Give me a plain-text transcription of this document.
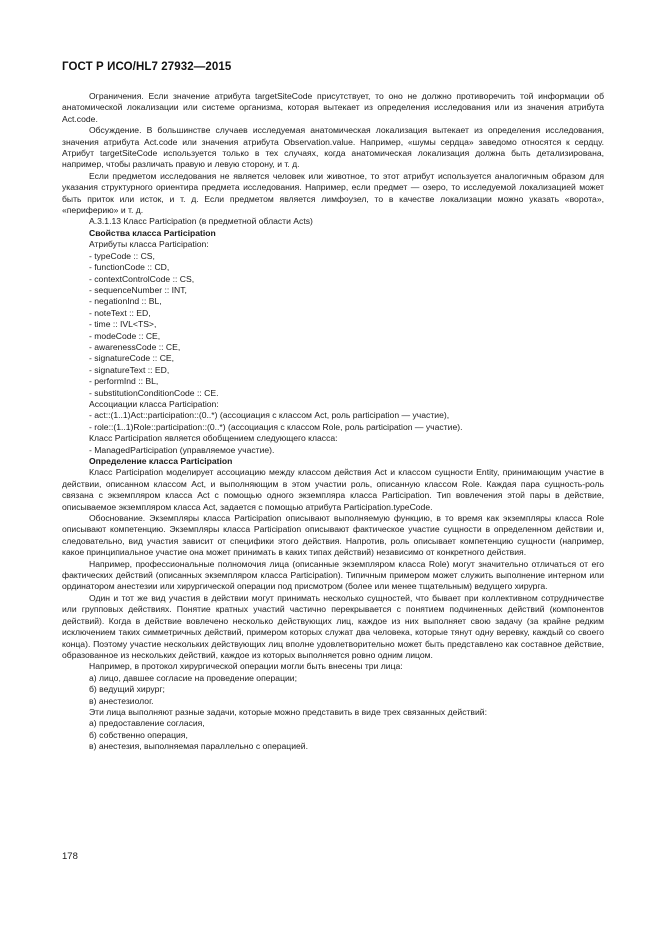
ГОСТ Р ИСО/HL7 27932—2015

Ограничения. Если значение атрибута targetSiteCode присутствует, то оно не должно противоречить той информации об анатомической локализации или системе организма, которая вытекает из определения исследования или из значения атрибута Act.code.

Обсуждение. В большинстве случаев исследуемая анатомическая локализация вытекает из определения исследования, значения атрибута Act.code или значения атрибута Observation.value. Например, «шумы сердца» заведомо относятся к сердцу. Атрибут targetSiteCode используется только в тех случаях, когда анатомическая локализация должна быть детализирована, например, чтобы различать правую и левую сторону, и т. д.

Если предметом исследования не является человек или животное, то этот атрибут используется аналогичным образом для указания структурного ориентира предмета исследования. Например, если предмет — озеро, то исследуемой локализацией может быть приток или исток, и т. д. Если предметом является лимфоузел, то в качестве локализации можно указать «ворота», «периферию» и т. д.

А.3.1.13 Класс Participation (в предметной области Acts)

Свойства класса Participation

Атрибуты класса Participation:

- typeCode :: CS,

- functionCode :: CD,

- contextControlCode :: CS,

- sequenceNumber :: INT,

- negationInd :: BL,

- noteText :: ED,

- time :: IVL<TS>,

- modeCode :: CE,

- awarenessCode :: CE,

- signatureCode :: CE,

- signatureText :: ED,

- performInd :: BL,

- substitutionConditionCode :: CE.

Ассоциации класса Participation:

- act::(1..1)Act::participation::(0..*) (ассоциация с классом Act, роль participation — участие),

- role::(1..1)Role::participation::(0..*) (ассоциация с классом Role, роль participation — участие).

Класс Participation является обобщением следующего класса:

- ManagedParticipation (управляемое участие).

Определение класса Participation

Класс Participation моделирует ассоциацию между классом действия Act и классом сущности Entity, принимающим участие в действии, описанном классом Act, и выполняющим в этом участии роль, описанную классом Role. Каждая пара сущность-роль связана с экземпляром класса Act с помощью одного экземпляра класса Participation. Тип вовлечения этой пары в действие, описываемое экземпляром класса Act, задается с помощью атрибута Participation.typeCode.

Обоснование. Экземпляры класса Participation описывают выполняемую функцию, в то время как экземпляры класса Role описывают компетенцию. Экземпляры класса Participation описывают фактическое участие сущности в определенном действии и, следовательно, вид участия зависит от специфики этого действия. Напротив, роль описывает компетенцию сущности (например, какое принципиальное участие она может принимать в каких типах действий) независимо от конкретного действия.

Например, профессиональные полномочия лица (описанные экземпляром класса Role) могут значительно отличаться от его фактических действий (описанных экземпляром класса Participation). Типичным примером может служить выполнение интерном или ординатором анестезии или хирургической операции под присмотром (более или менее тщательным) ведущего хирурга.

Один и тот же вид участия в действии могут принимать несколько сущностей, что бывает при коллективном сотрудничестве или групповых действиях. Понятие кратных участий частично перекрывается с понятием подчиненных действий (компонентов действий). Когда в действие вовлечено несколько действующих лиц, каждое из них выполняет свою задачу (за крайне редким исключением таких симметричных действий, примером которых служат два человека, которые тянут одну веревку, каждый со своего конца). Поэтому участие нескольких действующих лиц вполне удовлетворительно может быть представлено как составное действие, образованное из нескольких действий, каждое из которых выполняется ровно одним лицом.

Например, в протокол хирургической операции могли быть внесены три лица:

а) лицо, давшее согласие на проведение операции;

б) ведущий хирург;

в) анестезиолог.

Эти лица выполняют разные задачи, которые можно представить в виде трех связанных действий:

а) предоставление согласия,

б) собственно операция,

в) анестезия, выполняемая параллельно с операцией.

178
